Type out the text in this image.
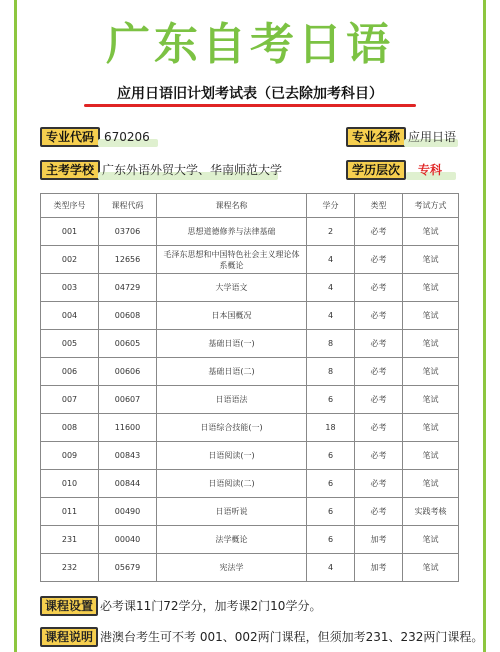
广东自考日语
应用日语旧计划考试表（已去除加考科目）
专业代码 670206	专业名称 应用日语
主考学校 广东外语外贸大学、华南师范大学	学历层次	专科
类型序号	课程代码	课程名称	学分	类型	考试方式
001	03706	思想道德修养与法律基础	2	必考	笔试
002	12656	毛泽东思想和中国特色社会主义理论体系概论	4	必考	笔试
003	04729	大学语文	4	必考	笔试
004	00608	日本国概况	4	必考	笔试
005	00605	基础日语(一)	8	必考	笔试
006	00606	基础日语(二)	8	必考	笔试
007	00607	日语语法	6	必考	笔试
008	11600	日语综合技能(一)	18	必考	笔试
009	00843	日语阅读(一)	6	必考	笔试
010	00844	日语阅读(二)	6	必考	笔试
011	00490	日语听说	6	必考	实践考核
231	00040	法学概论	6	加考	笔试
232	05679	宪法学	4	加考	笔试
课程设置 必考课11门72学分，加考课2门10学分。
课程说明 港澳台考生可不考 001、002两门课程，但须加考231、232两门课程。
